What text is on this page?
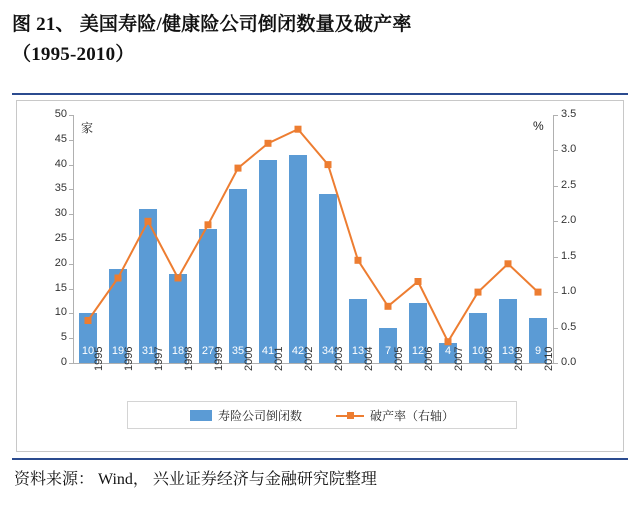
图 21、 美国寿险/健康险公司倒闭数量及破产率
（1995-2010）
家	%
0
5
10
15
20
25
30
35
40
45
50
0.0
0.5
1.0
1.5
2.0
2.5
3.0
3.5
10	19	31	18	27	35	41	42	34	13	7	12	4	10	13	9
1995 1996 1997 1998 1999 2000 2001 2002 2003 2004 2005 2006 2007 2008 2009 2010
寿险公司倒闭数	破产率（右轴）
资料来源： Wind， 兴业证券经济与金融研究院整理
